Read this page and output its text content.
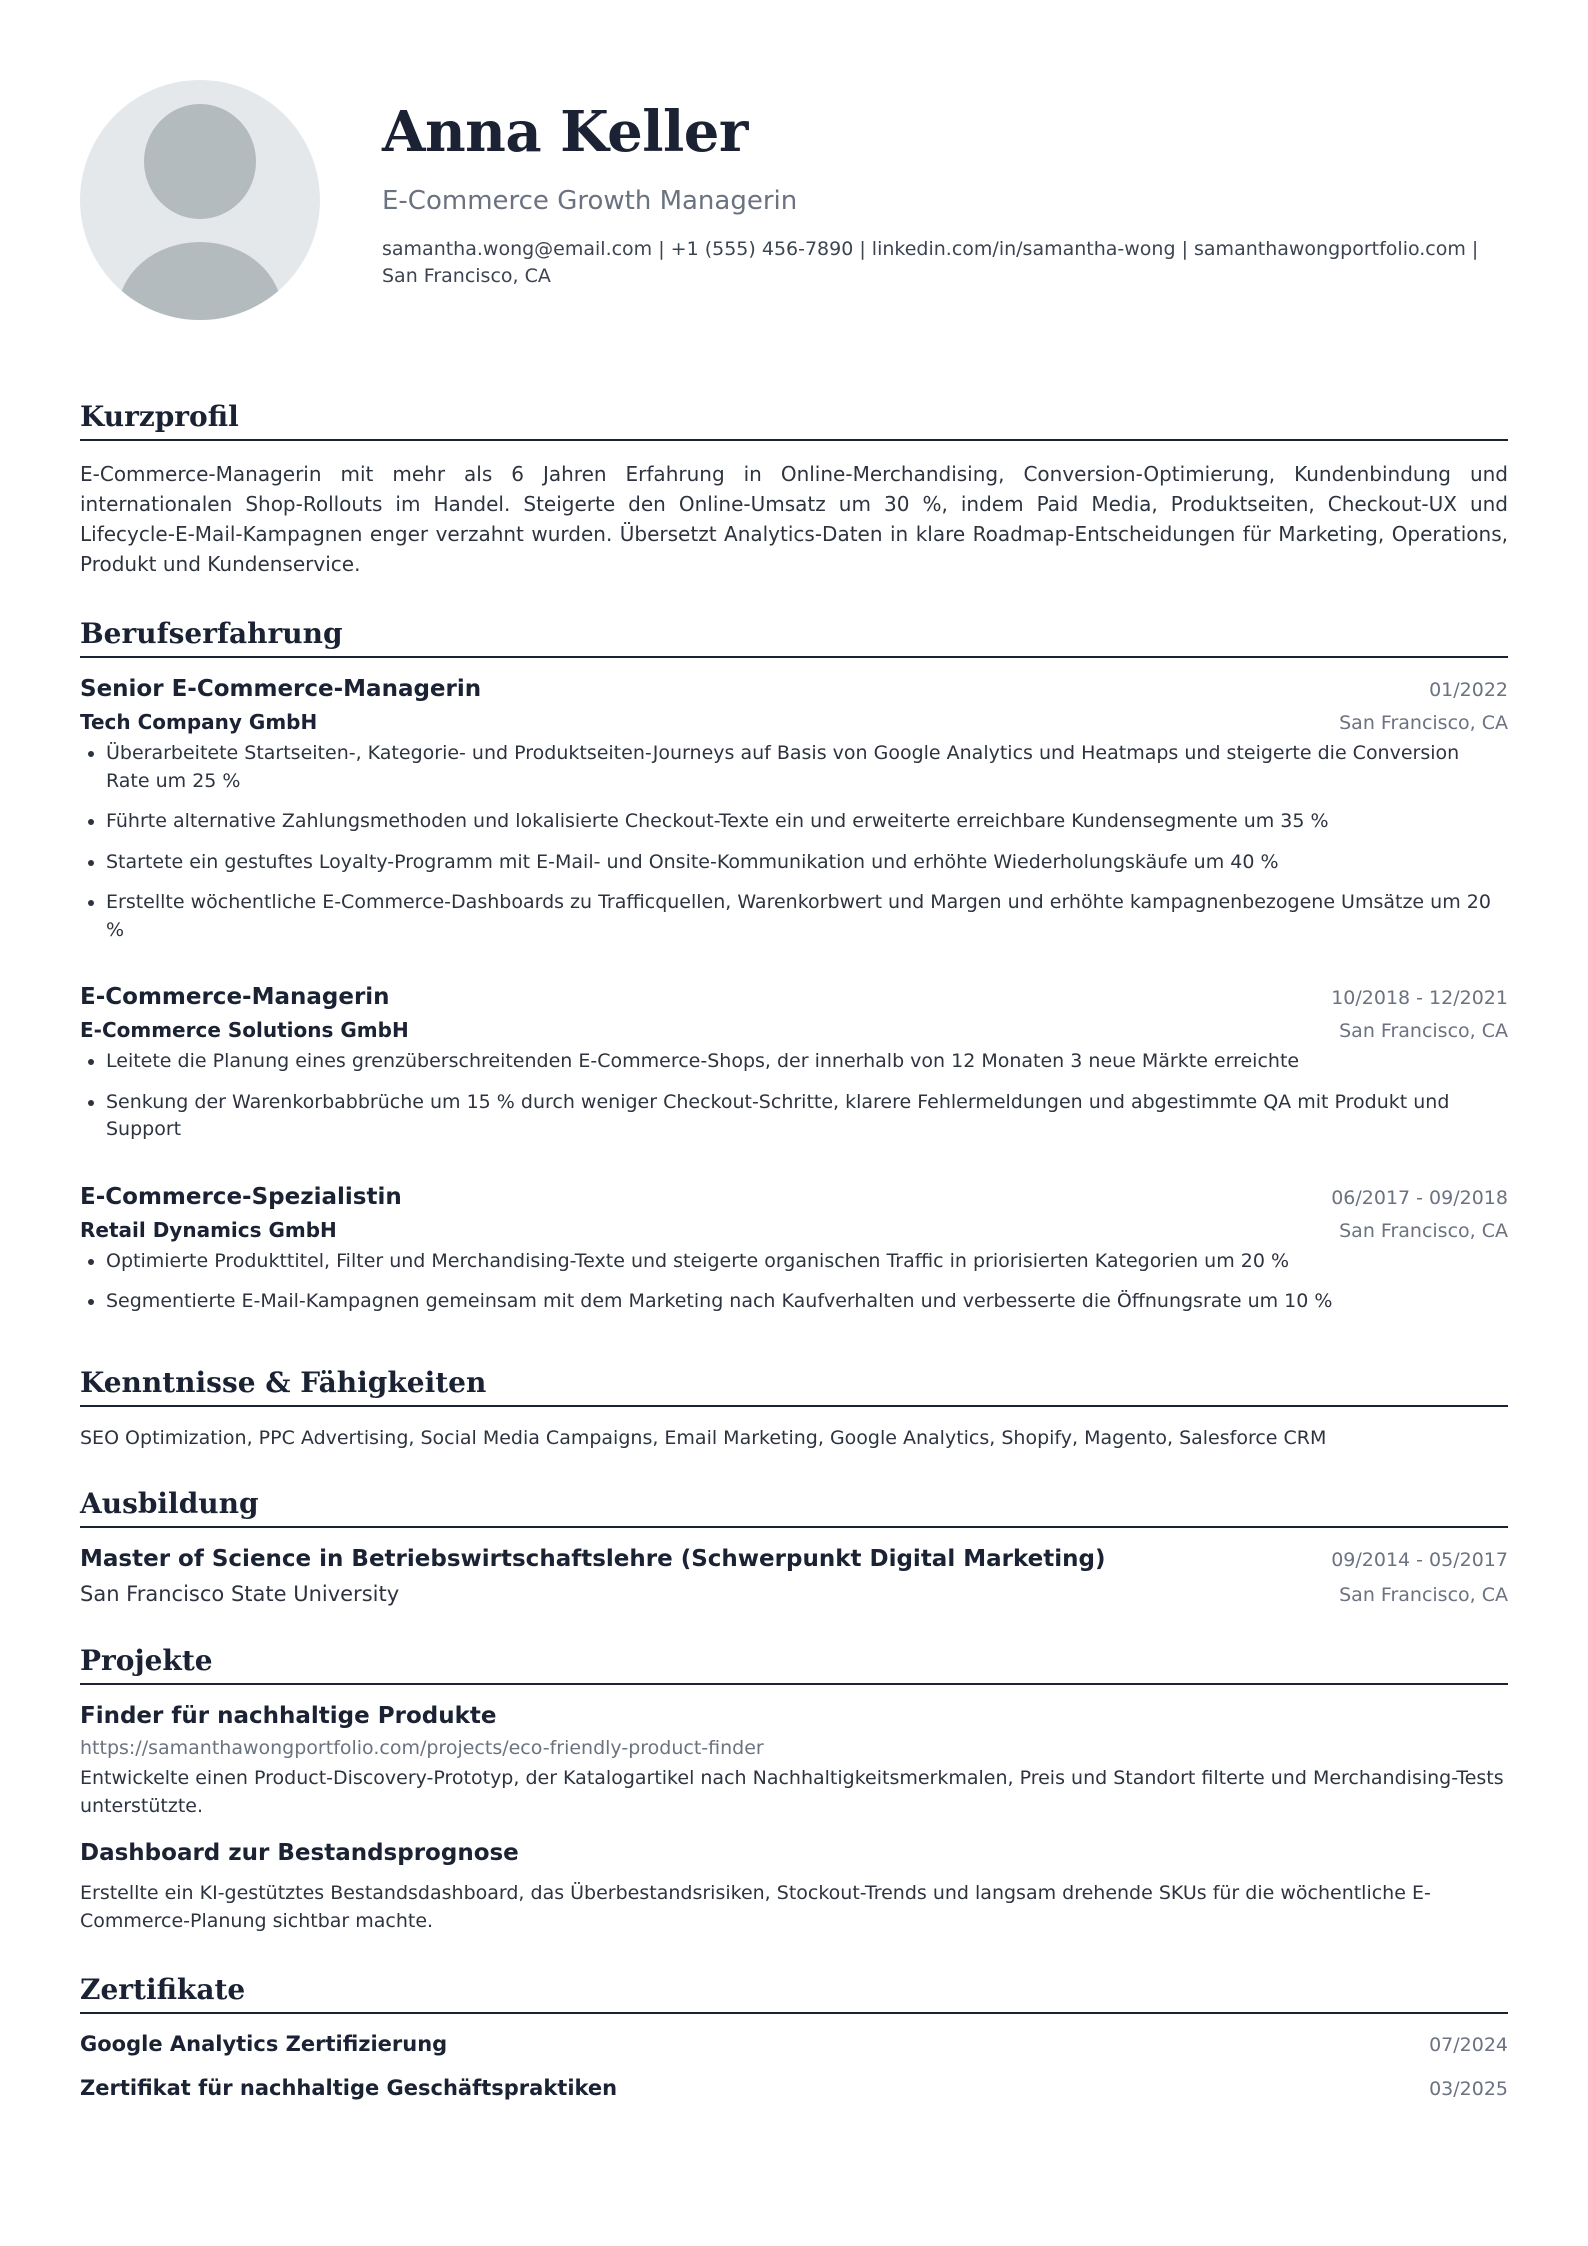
Anna Keller
E-Commerce Growth Managerin
samantha.wong@email.com | +1 (555) 456-7890 | linkedin.com/in/samantha-wong | samanthawongportfolio.com | San Francisco, CA
Kurzprofil
E-Commerce-Managerin mit mehr als 6 Jahren Erfahrung in Online-Merchandising, Conversion-Optimierung, Kundenbindung und internationalen Shop-Rollouts im Handel. Steigerte den Online-Umsatz um 30 %, indem Paid Media, Produktseiten, Checkout-UX und Lifecycle-E-Mail-Kampagnen enger verzahnt wurden. Übersetzt Analytics-Daten in klare Roadmap-Entscheidungen für Marketing, Operations, Produkt und Kundenservice.
Berufserfahrung
Senior E-Commerce-Managerin	01/2022
Tech Company GmbH	San Francisco, CA
• Überarbeitete Startseiten-, Kategorie- und Produktseiten-Journeys auf Basis von Google Analytics und Heatmaps und steigerte die Conversion Rate um 25 %
• Führte alternative Zahlungsmethoden und lokalisierte Checkout-Texte ein und erweiterte erreichbare Kundensegmente um 35 %
• Startete ein gestuftes Loyalty-Programm mit E-Mail- und Onsite-Kommunikation und erhöhte Wiederholungskäufe um 40 %
• Erstellte wöchentliche E-Commerce-Dashboards zu Trafficquellen, Warenkorbwert und Margen und erhöhte kampagnenbezogene Umsätze um 20 %
E-Commerce-Managerin	10/2018 - 12/2021
E-Commerce Solutions GmbH	San Francisco, CA
• Leitete die Planung eines grenzüberschreitenden E-Commerce-Shops, der innerhalb von 12 Monaten 3 neue Märkte erreichte
• Senkung der Warenkorbabbrüche um 15 % durch weniger Checkout-Schritte, klarere Fehlermeldungen und abgestimmte QA mit Produkt und Support
E-Commerce-Spezialistin	06/2017 - 09/2018
Retail Dynamics GmbH	San Francisco, CA
• Optimierte Produkttitel, Filter und Merchandising-Texte und steigerte organischen Traffic in priorisierten Kategorien um 20 %
• Segmentierte E-Mail-Kampagnen gemeinsam mit dem Marketing nach Kaufverhalten und verbesserte die Öffnungsrate um 10 %
Kenntnisse & Fähigkeiten
SEO Optimization, PPC Advertising, Social Media Campaigns, Email Marketing, Google Analytics, Shopify, Magento, Salesforce CRM
Ausbildung
Master of Science in Betriebswirtschaftslehre (Schwerpunkt Digital Marketing)	09/2014 - 05/2017
San Francisco State University	San Francisco, CA
Projekte
Finder für nachhaltige Produkte
https://samanthawongportfolio.com/projects/eco-friendly-product-finder
Entwickelte einen Product-Discovery-Prototyp, der Katalogartikel nach Nachhaltigkeitsmerkmalen, Preis und Standort filterte und Merchandising-Tests unterstützte.
Dashboard zur Bestandsprognose
Erstellte ein KI-gestütztes Bestandsdashboard, das Überbestandsrisiken, Stockout-Trends und langsam drehende SKUs für die wöchentliche E-Commerce-Planung sichtbar machte.
Zertifikate
Google Analytics Zertifizierung	07/2024
Zertifikat für nachhaltige Geschäftspraktiken	03/2025
